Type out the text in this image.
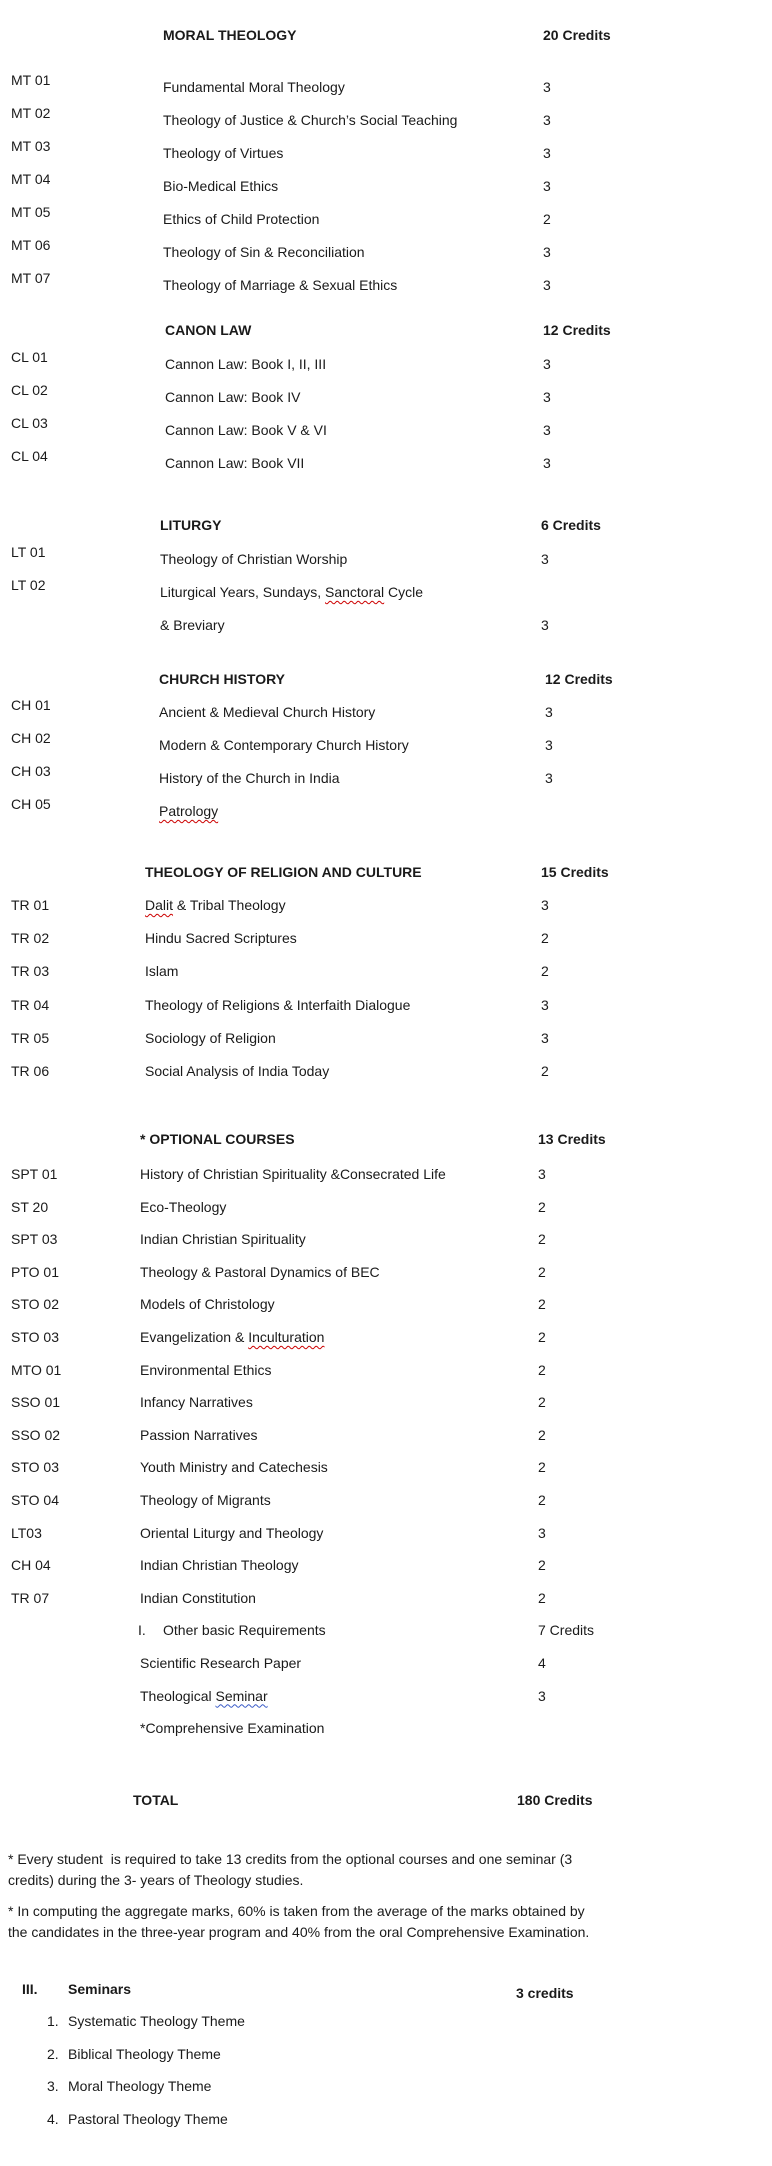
MORAL THEOLOGY	20 Credits
MT 01	Fundamental Moral Theology	3
MT 02	Theology of Justice & Church’s Social Teaching	3
MT 03	Theology of Virtues	3
MT 04	Bio-Medical Ethics	3
MT 05	Ethics of Child Protection	2
MT 06	Theology of Sin & Reconciliation	3
MT 07	Theology of Marriage & Sexual Ethics	3
CANON LAW	12 Credits
CL 01	Cannon Law: Book I, II, III	3
CL 02	Cannon Law: Book IV	3
CL 03	Cannon Law: Book V & VI	3
CL 04	Cannon Law: Book VII	3
LITURGY	6 Credits
LT 01	Theology of Christian Worship	3
LT 02	Liturgical Years, Sundays, Sanctoral Cycle
& Breviary	3
CHURCH HISTORY	12 Credits
CH 01	Ancient & Medieval Church History	3
CH 02	Modern & Contemporary Church History	3
CH 03	History of the Church in India	3
CH 05	Patrology
THEOLOGY OF RELIGION AND CULTURE	15 Credits
TR 01	Dalit & Tribal Theology	3
TR 02	Hindu Sacred Scriptures	2
TR 03	Islam	2
TR 04	Theology of Religions & Interfaith Dialogue	3
TR 05	Sociology of Religion	3
TR 06	Social Analysis of India Today	2
* OPTIONAL COURSES	13 Credits
SPT 01	History of Christian Spirituality &Consecrated Life	3
ST 20	Eco-Theology	2
SPT 03	Indian Christian Spirituality	2
PTO 01	Theology & Pastoral Dynamics of BEC	2
STO 02	Models of Christology	2
STO 03	Evangelization & Inculturation	2
MTO 01	Environmental Ethics	2
SSO 01	Infancy Narratives	2
SSO 02	Passion Narratives	2
STO 03	Youth Ministry and Catechesis	2
STO 04	Theology of Migrants	2
LT03	Oriental Liturgy and Theology	3
CH 04	Indian Christian Theology	2
TR 07	Indian Constitution	2
I. Other basic Requirements	7 Credits
Scientific Research Paper	4
Theological Seminar	3
*Comprehensive Examination
TOTAL	180 Credits
* Every student  is required to take 13 credits from the optional courses and one seminar (3
credits) during the 3- years of Theology studies.
* In computing the aggregate marks, 60% is taken from the average of the marks obtained by
the candidates in the three-year program and 40% from the oral Comprehensive Examination.
III. Seminars	3 credits
1. Systematic Theology Theme
2. Biblical Theology Theme
3. Moral Theology Theme
4. Pastoral Theology Theme
